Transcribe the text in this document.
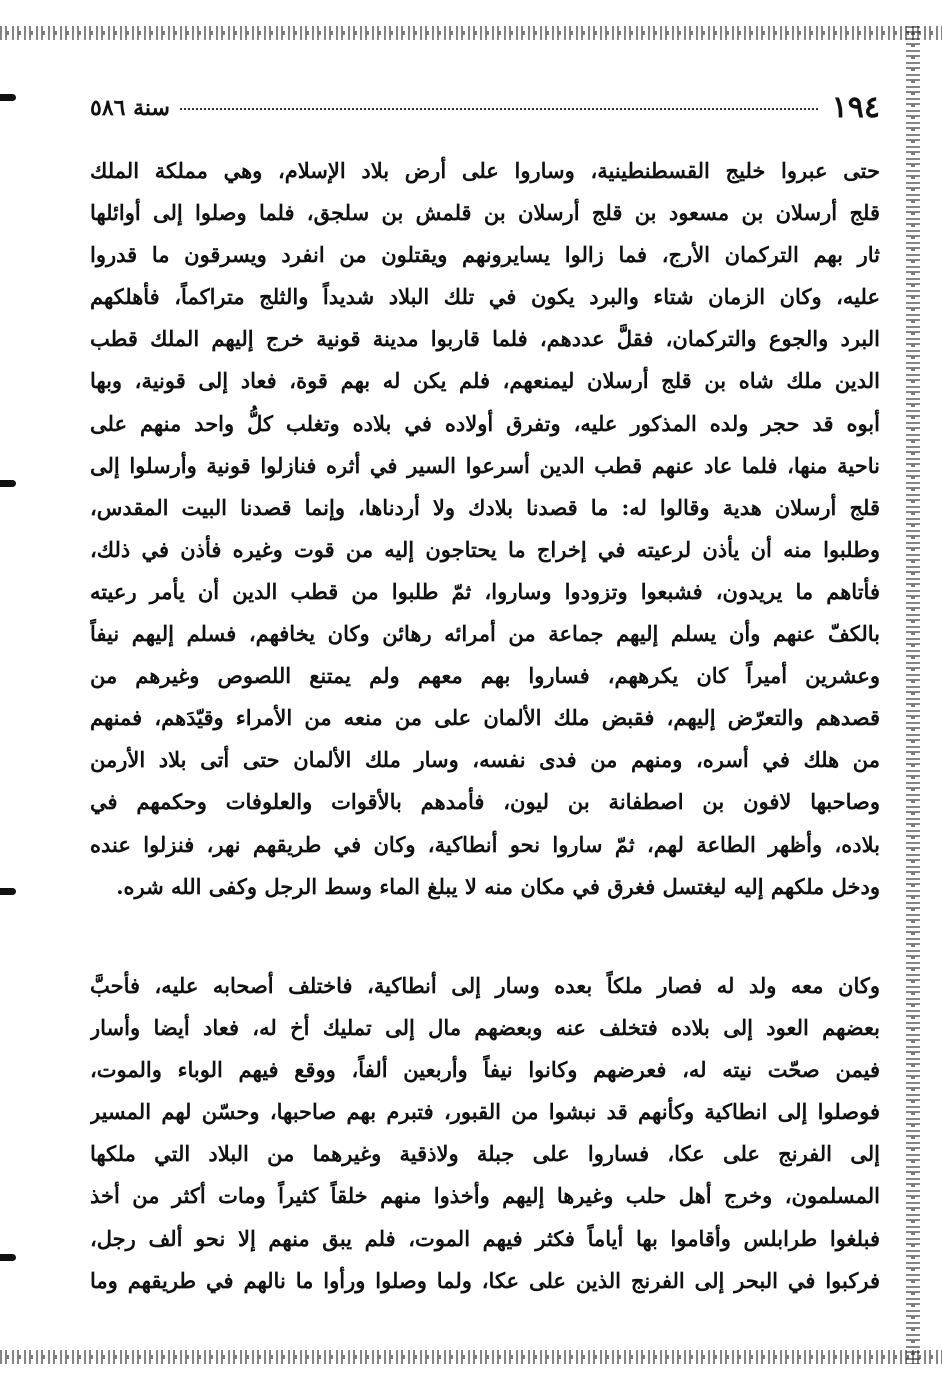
١٩٤
سنة ٥٨٦
حتى عبروا خليج القسطنطينية، وساروا على أرض بلاد الإسلام، وهي مملكة الملك
قلج أرسلان بن مسعود بن قلج أرسلان بن قلمش بن سلجق، فلما وصلوا إلى أوائلها
ثار بهم التركمان الأرج، فما زالوا يسايرونهم ويقتلون من انفرد ويسرقون ما قدروا
عليه، وكان الزمان شتاء والبرد يكون في تلك البلاد شديداً والثلج متراكماً، فأهلكهم
البرد والجوع والتركمان، فقلَّ عددهم، فلما قاربوا مدينة قونية خرج إليهم الملك قطب
الدين ملك شاه بن قلج أرسلان ليمنعهم، فلم يكن له بهم قوة، فعاد إلى قونية، وبها
أبوه قد حجر ولده المذكور عليه، وتفرق أولاده في بلاده وتغلب كلُّ واحد منهم على
ناحية منها، فلما عاد عنهم قطب الدين أسرعوا السير في أثره فنازلوا قونية وأرسلوا إلى
قلج أرسلان هدية وقالوا له: ما قصدنا بلادك ولا أردناها، وإنما قصدنا البيت المقدس،
وطلبوا منه أن يأذن لرعيته في إخراج ما يحتاجون إليه من قوت وغيره فأذن في ذلك،
فأتاهم ما يريدون، فشبعوا وتزودوا وساروا، ثمّ طلبوا من قطب الدين أن يأمر رعيته
بالكفّ عنهم وأن يسلم إليهم جماعة من أمرائه رهائن وكان يخافهم، فسلم إليهم نيفاً
وعشرين أميراً كان يكرههم، فساروا بهم معهم ولم يمتنع اللصوص وغيرهم من
قصدهم والتعرّض إليهم، فقبض ملك الألمان على من منعه من الأمراء وقيّدَهم، فمنهم
من هلك في أسره، ومنهم من فدى نفسه، وسار ملك الألمان حتى أتى بلاد الأرمن
وصاحبها لافون بن اصطفانة بن ليون، فأمدهم بالأقوات والعلوفات وحكمهم في
بلاده، وأظهر الطاعة لهم، ثمّ ساروا نحو أنطاكية، وكان في طريقهم نهر، فنزلوا عنده
ودخل ملكهم إليه ليغتسل فغرق في مكان منه لا يبلغ الماء وسط الرجل وكفى الله شره.
وكان معه ولد له فصار ملكاً بعده وسار إلى أنطاكية، فاختلف أصحابه عليه، فأحبَّ
بعضهم العود إلى بلاده فتخلف عنه وبعضهم مال إلى تمليك أخ له، فعاد أيضا وأسار
فيمن صحّت نيته له، فعرضهم وكانوا نيفاً وأربعين ألفاً، ووقع فيهم الوباء والموت،
فوصلوا إلى انطاكية وكأنهم قد نبشوا من القبور، فتبرم بهم صاحبها، وحسّن لهم المسير
إلى الفرنج على عكا، فساروا على جبلة ولاذقية وغيرهما من البلاد التي ملكها
المسلمون، وخرج أهل حلب وغيرها إليهم وأخذوا منهم خلقاً كثيراً ومات أكثر من أخذ
فبلغوا طرابلس وأقاموا بها أياماً فكثر فيهم الموت، فلم يبق منهم إلا نحو ألف رجل،
فركبوا في البحر إلى الفرنج الذين على عكا، ولما وصلوا ورأوا ما نالهم في طريقهم وما
